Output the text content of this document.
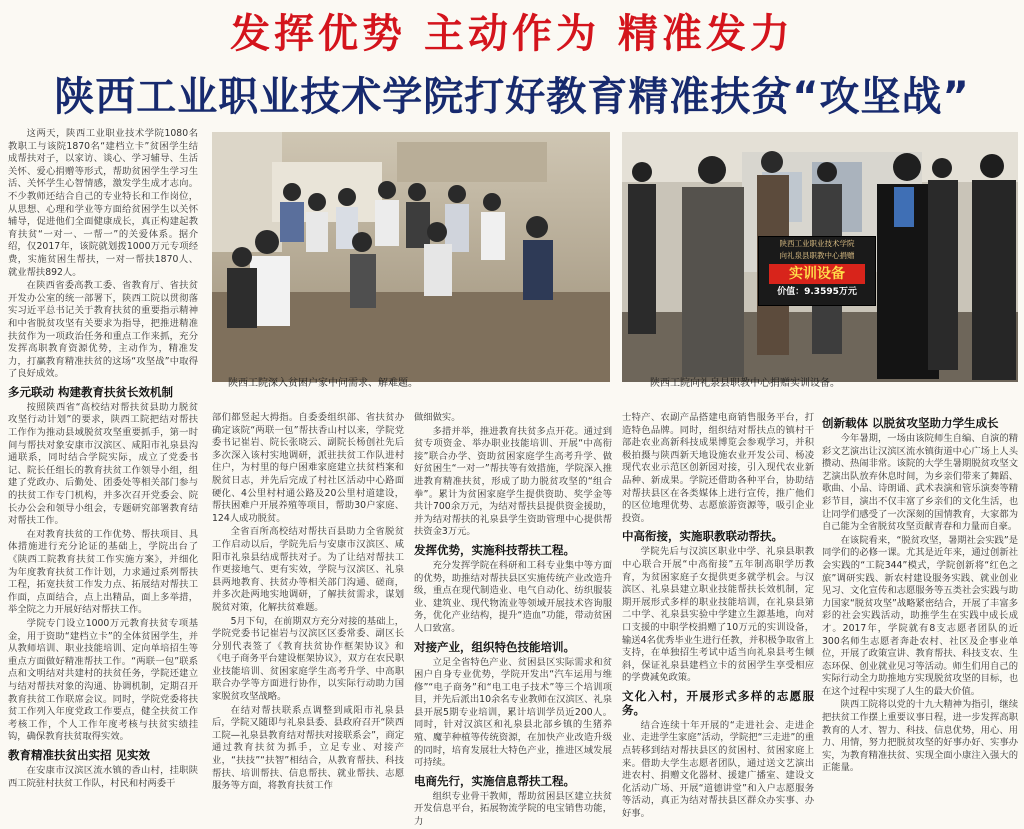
发挥优势 主动作为 精准发力
陕西工业职业技术学院打好教育精准扶贫“攻坚战”

这两天，陕西工业职业技术学院1080名教职工与该院1870名“建档立卡”贫困学生结成帮扶对子，以家访、谈心、学习辅导、生活关怀、爱心捐赠等形式，帮助贫困学生学习生活、关怀学生心智情感，激发学生成才志向。不少教师还结合自己的专业特长和工作岗位，从思想、心理和学业等方面给贫困学生以关怀辅导，促进他们全面健康成长，真正构建起教育扶贫“一对一、一帮一”的关爱体系。据介绍，仅2017年，该院就划拨1000万元专项经费，实施贫困生帮扶，一对一帮扶1870人、就业帮扶892人。

在陕西省委高教工委、省教育厅、省扶贫开发办公室的统一部署下，陕西工院以贯彻落实习近平总书记关于教育扶贫的重要指示精神和中省脱贫攻坚有关要求为指导，把推进精准扶贫作为一项政治任务和重点工作来抓，充分发挥高职教育资源优势，主动作为，精准发力，打赢教育精准扶贫的这场“攻坚战”中取得了良好成效。

多元联动 构建教育扶贫长效机制

按照陕西省“高校结对帮扶贫县助力脱贫攻坚行动计划”的要求，陕西工院把结对帮扶工作作为推动县域脱贫攻坚重要抓手，第一时间与帮扶对象安康市汉滨区、咸阳市礼泉县沟通联系，同时结合学院实际，成立了党委书记、院长任组长的教育扶贫工作领导小组，组建了党政办、后勤处、团委处等相关部门参与的扶贫工作专门机构，并多次召开党委会、院长办公会和领导小组会，专题研究部署教育结对帮扶工作。

在对教育扶贫的工作优势、帮扶项目、具体措施进行充分论证的基础上，学院出台了《陕西工院教育扶贫工作实施方案》，并细化为年度教育扶贫工作计划，力求通过系列帮扶工程，拓宽扶贫工作发力点、拓展结对帮扶工作面，点面结合，点上出精品，面上多举措，举全院之力开展好结对帮扶工作。

学院专门设立1000万元教育扶贫专项基金，用于资助“建档立卡”的全体贫困学生，并从教师培训、职业技能培训、定向单培招生等重点方面做好精准帮扶工作。“两联一包”联系点和文明结对共建村的扶贫任务，学院还建立与结对帮扶对象的沟通、协调机制，定期召开教育扶贫工作联席会议。同时，学院党委将扶贫工作列入年度党政工作要点，健全扶贫工作考核工作，个人工作年度考核与扶贫实绩挂钩，确保教育扶贫取得实效。

教育精准扶贫出实招 见实效

在安康市汉滨区流水镇的香山村，挂职陕西工院驻村扶贫工作队，村民和村两委干

陕西工院深入贫困户家中问需求、解难题。
陕西工业职业技术学院
向礼泉县职教中心捐赠
实训设备
价值：9.3595万元
陕西工院向礼泉县职教中心捐赠实训设备。

部们都竖起大拇指。自委委组织部、省扶贫办确定该院“两联一包”帮扶香山村以来，学院党委书记崔岩、院长张晓云、副院长杨创社先后多次深入该村实地调研，派驻扶贫工作队进村住户，为村里的每户困难家庭建立扶贫档案和脱贫日志，并先后完成了村社区活动中心路面硬化、4公里村村通公路及20公里村道建设，帮扶困难户开展养殖等项目，帮助30户家庭、124人成功脱贫。

全省百所高校结对帮扶百县助力全省脱贫工作启动以后，学院先后与安康市汉滨区、咸阳市礼泉县结成帮扶对子。为了让结对帮扶工作更接地气、更有实效，学院与汉滨区、礼泉县两地教育、扶贫办等相关部门沟通、磋商，并多次赴两地实地调研，了解扶贫需求，谋划脱贫对策，化解扶贫难题。

5月下旬，在前期双方充分对接的基础上，学院党委书记崔岩与汉滨区区委常委、副区长分别代表签了《教育扶贫协作框架协议》和《电子商务平台建设框架协议》，双方在农民职业技能培训、贫困家庭学生高考升学、中高职联合办学等方面进行协作，以实际行动助力国家脱贫攻坚战略。

在结对帮扶联系点调整到咸阳市礼泉县后，学院又随即与礼泉县委、县政府召开“陕西工院—礼泉县教育结对帮扶对接联系会”，商定通过教育扶贫为抓手，立足专业、对接产业，“扶技”“扶智”相结合，从教育帮扶、科技帮扶、培训帮扶、信息帮扶、就业帮扶、志愿服务等方面，将教育扶贫工作

做细做实。

多措并举，推进教育扶贫多点开花。通过到贫专项资金、举办职业技能培训、开展“中高衔接”联合办学、资助贫困家庭学生高考升学、做好贫困生“一对一”帮扶等有效措施，学院深入推进教育精准扶贫，形成了助力脱贫攻坚的“组合拳”。累计为贫困家庭学生提供资助、奖学金等共计700余万元，为结对帮扶县提供资金援助，并为结对帮扶的礼泉县学生资助管理中心提供帮扶资金3万元。

发挥优势，实施科技帮扶工程。

充分发挥学院在科研和工科专业集中等方面的优势，助推结对帮扶县区实施传统产业改造升级，重点在现代制造业、电气自动化、纺织服装业、建筑业、现代物流业等领域开展技术咨询服务，优化产业结构，提升“造血”功能，带动贫困人口致富。

对接产业，组织特色技能培训。

立足全省特色产业、贫困县区实际需求和贫困户自身专业优势，学院开发出“汽车运用与维修”“电子商务”和“电工电子技术”等三个培训项目，并先后派出10余名专业教师在汉滨区、礼泉县开展5期专业培训，累计培训学员近200人。同时，针对汉滨区和礼泉县北部乡镇的生猪养殖、魔芋种植等传统资源，在加快产业改造升级的同时，培育发展壮大特色产业，推进区域发展可持续。

电商先行，实施信息帮扶工程。

组织专业骨干教师，帮助贫困县区建立扶贫开发信息平台，拓展物流学院的电宝销售功能，力

士特产、农副产品搭建电商销售服务平台，打造特色品牌。同时，组织结对帮扶点的镇村干部赴农业高新科技成果博览会参观学习，并积极拍摄与陕西新天地设施农业开发公司、杨凌现代农业示范区创新园对接，引入现代农业新品种、新成果。学院还借助各种平台，协助结对帮扶县区在各类媒体上进行宣传，推广他们的区位地理优势、志愿旅游资源等，吸引企业投资。

中高衔接，实施职教联动帮扶。

学院先后与汉滨区职业中学、礼泉县职教中心联合开展“中高衔接”五年制高职学历教育，为贫困家庭子女提供更多就学机会。与汉滨区、礼泉县建立职业技能帮扶长效机制，定期开展形式多样的职业技能培训，在礼泉县第二中学、礼泉县实验中学建立生源基地，向对口支援的中职学校捐赠了10万元的实训设备，输送4名优秀毕业生进行任教，并积极争取省上支持，在单独招生考试中适当向礼泉县考生倾斜，保证礼泉县建档立卡的贫困学生享受相应的学费减免政策。

文化入村，开展形式多样的志愿服务。

结合连续十年开展的“走进社会、走进企业、走进学生家庭”活动，学院把“三走进”的重点转移到结对帮扶县区的贫困村、贫困家庭上来。借助大学生志愿者团队，通过送文艺演出进农村、捐赠文化器材、援建广播室、建设文化活动广场、开展“道德讲堂”和入户志愿服务等活动，真正为结对帮扶县区群众办实事、办好事。

创新载体 以脱贫攻坚助力学生成长

今年暑期，一场由该院师生自编、自演的精彩文艺演出让汉滨区流水镇街道中心广场上人头攒动、热闹非常。该院的大学生暑期脱贫攻坚文艺演出队放弃休息时间，为乡亲们带来了舞蹈、歌曲、小品、诗朗诵、武术表演和管乐演奏等精彩节目，演出不仅丰富了乡亲们的文化生活，也让同学们感受了一次深刻的国情教育，大家都为自己能为全省脱贫攻坚贡献青春和力量而自豪。

在该院看来，“脱贫攻坚，暑期社会实践”是同学们的必修一课。尤其是近年来，通过创新社会实践的“工院344”模式，学院创新将“红色之旅”调研实践、新农村建设服务实践、就业创业见习、文化宣传和志愿服务等五类社会实践与助力国家“脱贫攻坚”战略紧密结合，开展了丰富多彩的社会实践活动，助推学生在实践中成长成才。2017年，学院就有8支志愿者团队的近300名师生志愿者奔赴农村、社区及企事业单位，开展了政策宣讲、教育帮扶、科技支农、生态环保、创业就业见习等活动。师生们用自己的实际行动全力助推地方实现脱贫攻坚的目标，也在这个过程中实现了人生的最大价值。

陕西工院将以党的十九大精神为指引，继续把扶贫工作摆上重要议事日程，进一步发挥高职教育的人才、智力、科技、信息优势，用心、用力、用情，努力把脱贫攻坚的好事办好、实事办实，为教育精准扶贫、实现全面小康注入强大的正能量。
